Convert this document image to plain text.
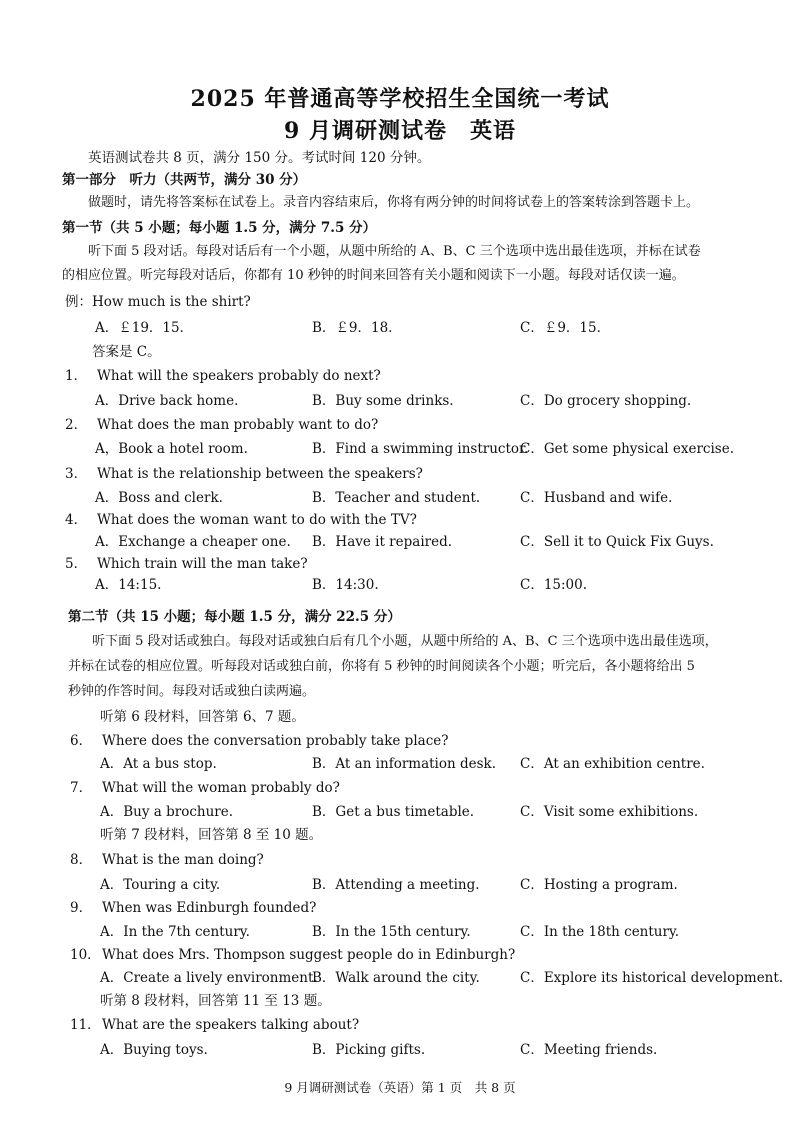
2025 年普通高等学校招生全国统一考试
9 月调研测试卷　英语
英语测试卷共 8 页，满分 150 分。考试时间 120 分钟。
第一部分　听力（共两节，满分 30 分）
做题时，请先将答案标在试卷上。录音内容结束后，你将有两分钟的时间将试卷上的答案转涂到答题卡上。
第一节（共 5 小题；每小题 1.5 分，满分 7.5 分）
听下面 5 段对话。每段对话后有一个小题，从题中所给的 A、B、C 三个选项中选出最佳选项，并标在试卷
的相应位置。听完每段对话后，你都有 10 秒钟的时间来回答有关小题和阅读下一小题。每段对话仅读一遍。
例：How much is the shirt?
A．￡19．15．	B．￡9．18．	C．￡9．15．
答案是 C。
1． What will the speakers probably do next?
A．Drive back home.	B．Buy some drinks.	C．Do grocery shopping.
2． What does the man probably want to do?
A，Book a hotel room.	B．Find a swimming instructor.
C．Get some physical exercise.
3． What is the relationship between the speakers?
A．Boss and clerk.	B．Teacher and student.	C．Husband and wife.
4． What does the woman want to do with the TV?
A．Exchange a cheaper one. B．Have it repaired.	C．Sell it to Quick Fix Guys.
5． Which train will the man take?
A．14:15.	B．14:30.	C．15:00.
第二节（共 15 小题；每小题 1.5 分，满分 22.5 分）
听下面 5 段对话或独白。每段对话或独白后有几个小题，从题中所给的 A、B、C 三个选项中选出最佳选项，
并标在试卷的相应位置。听每段对话或独白前，你将有 5 秒钟的时间阅读各个小题；听完后，各小题将给出 5
秒钟的作答时间。每段对话或独白读两遍。
听第 6 段材料，回答第 6、7 题。
6． Where does the conversation probably take place?
A．At a bus stop.	B．At an information desk. C．At an exhibition centre.
7． What will the woman probably do?
A．Buy a brochure.	B．Get a bus timetable.	C．Visit some exhibitions.
听第 7 段材料，回答第 8 至 10 题。
8． What is the man doing?
A．Touring a city.	B．Attending a meeting.	C．Hosting a program.
9． When was Edinburgh founded?
A．In the 7th century.	B．In the 15th century.	C．In the 18th century.
10．What does Mrs. Thompson suggest people do in Edinburgh?
A．Create a lively environment.
B．Walk around the city.	C．Explore its historical development.
听第 8 段材料，回答第 11 至 13 题。
11．What are the speakers talking about?
A．Buying toys.	B．Picking gifts.	C．Meeting friends.
9 月调研测试卷（英语）第 1 页　共 8 页
